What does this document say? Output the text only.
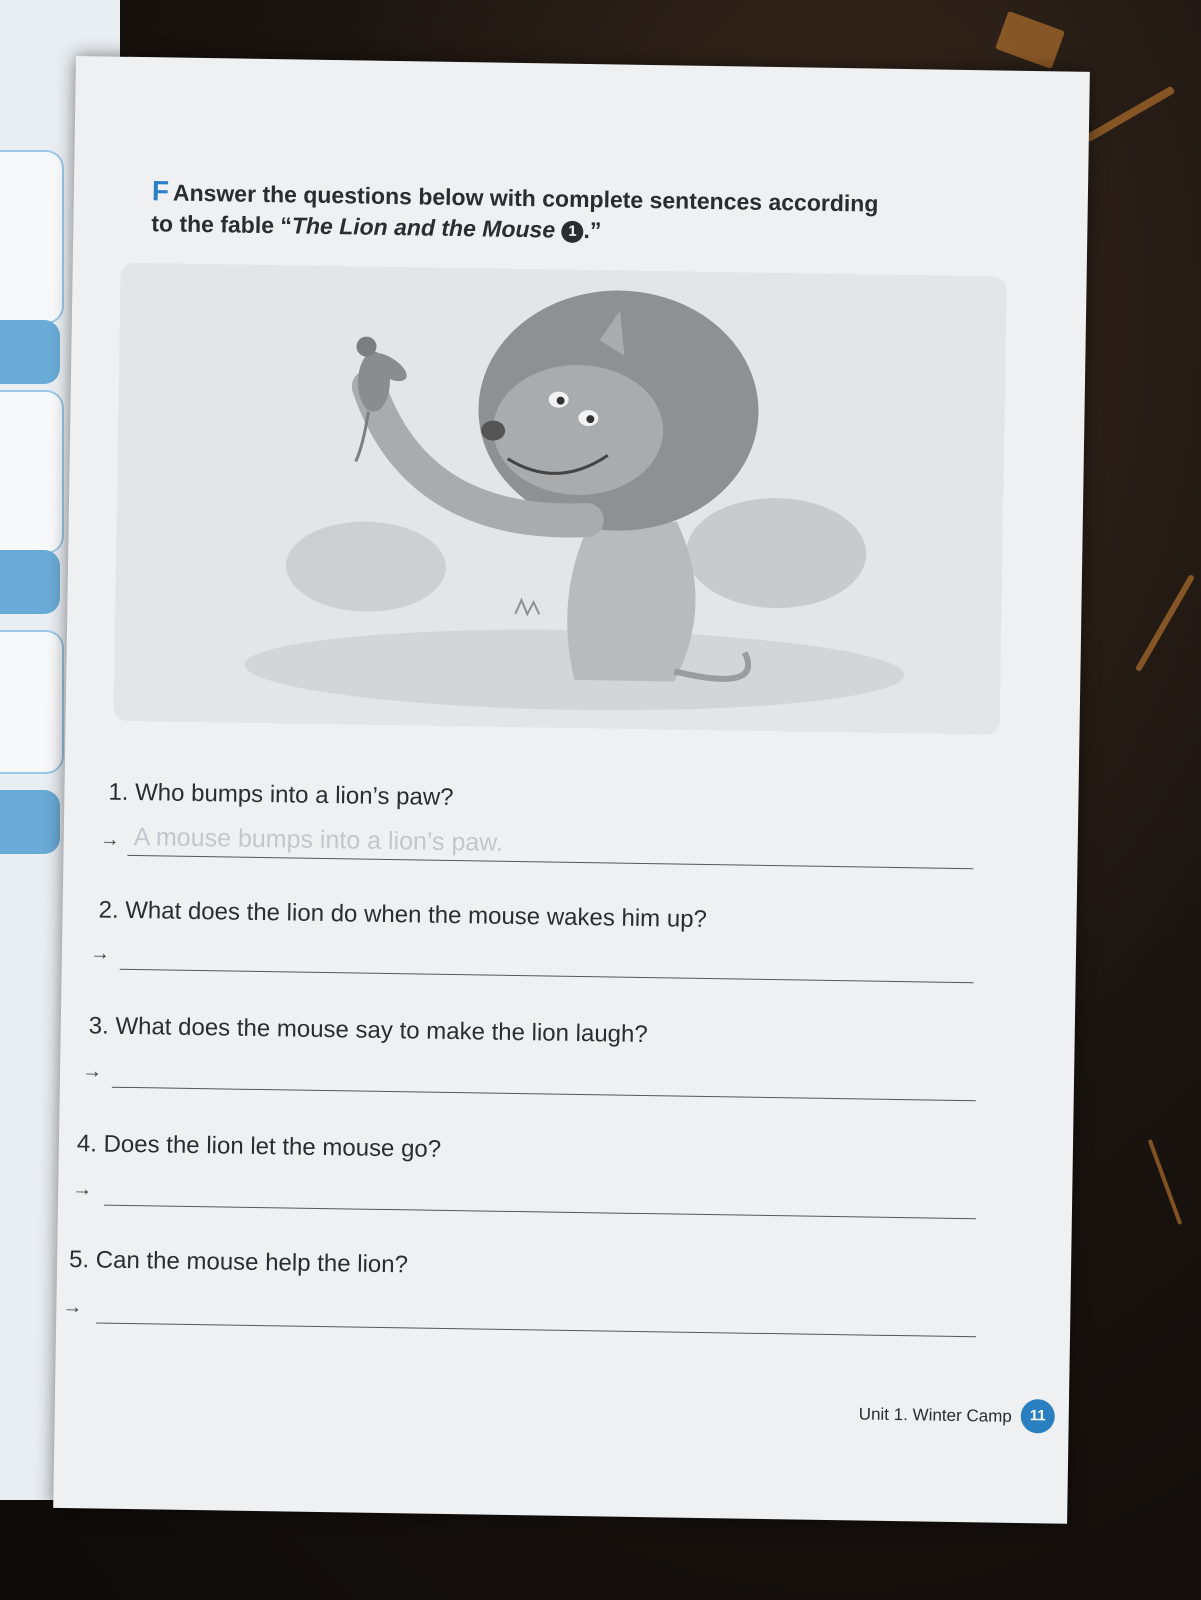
F Answer the questions below with complete sentences according
to the fable “The Lion and the Mouse 1 .”
1. Who bumps into a lion’s paw?
→ A mouse bumps into a lion’s paw.
2. What does the lion do when the mouse wakes him up?
→
3. What does the mouse say to make the lion laugh?
→
4. Does the lion let the mouse go?
→
5. Can the mouse help the lion?
→
Unit 1. Winter Camp	11
